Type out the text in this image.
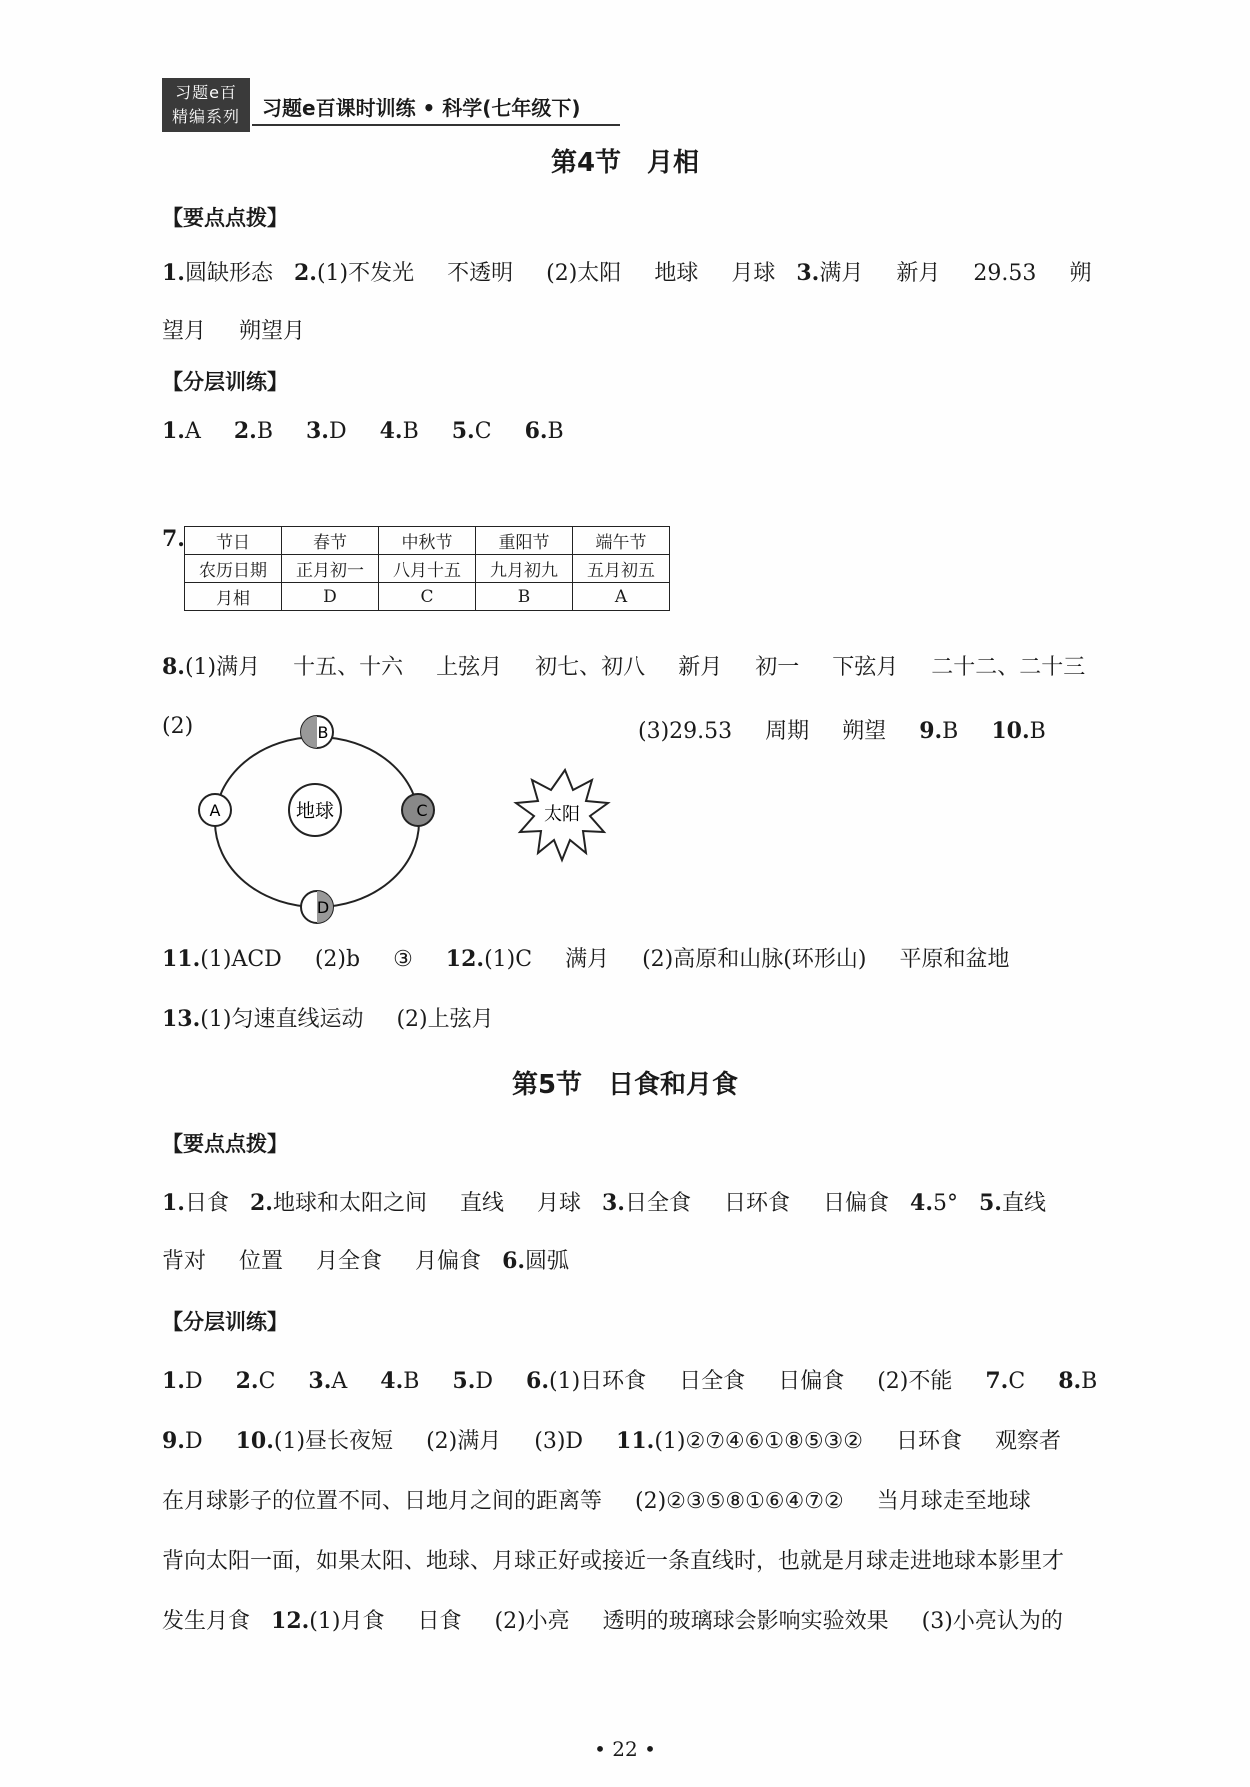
习题e百
精编系列	习题e百课时训练 • 科学(七年级下)
第4节　月相
【要点点拨】
1.圆缺形态 2.(1)不发光 不透明 (2)太阳 地球 月球 3.满月 新月 29.53 朔
望月 朔望月
【分层训练】
1.A 2.B 3.D 4.B 5.C 6.B
7. 节日	春节	中秋节	重阳节	端午节
农历日期	正月初一	八月十五	九月初九	五月初五
月相	D	C	B	A
8.(1)满月 十五、十六 上弦月 初七、初八 新月 初一 下弦月 二十二、二十三
(2)
地球
A
B
C
D
太阳
(3)29.53 周期 朔望 9.B 10.B
11.(1)ACD (2)b ③ 12.(1)C 满月 (2)高原和山脉(环形山) 平原和盆地
13.(1)匀速直线运动 (2)上弦月
第5节　日食和月食
【要点点拨】
1.日食 2.地球和太阳之间 直线 月球 3.日全食 日环食 日偏食 4.5° 5.直线
背对 位置 月全食 月偏食 6.圆弧
【分层训练】
1.D 2.C 3.A 4.B 5.D 6.(1)日环食 日全食 日偏食 (2)不能 7.C 8.B
9.D 10.(1)昼长夜短 (2)满月 (3)D 11.(1)②⑦④⑥①⑧⑤③② 日环食 观察者
在月球影子的位置不同、日地月之间的距离等 (2)②③⑤⑧①⑥④⑦② 当月球走至地球
背向太阳一面，如果太阳、地球、月球正好或接近一条直线时，也就是月球走进地球本影里才
发生月食 12.(1)月食 日食 (2)小亮 透明的玻璃球会影响实验效果 (3)小亮认为的
• 22 •
